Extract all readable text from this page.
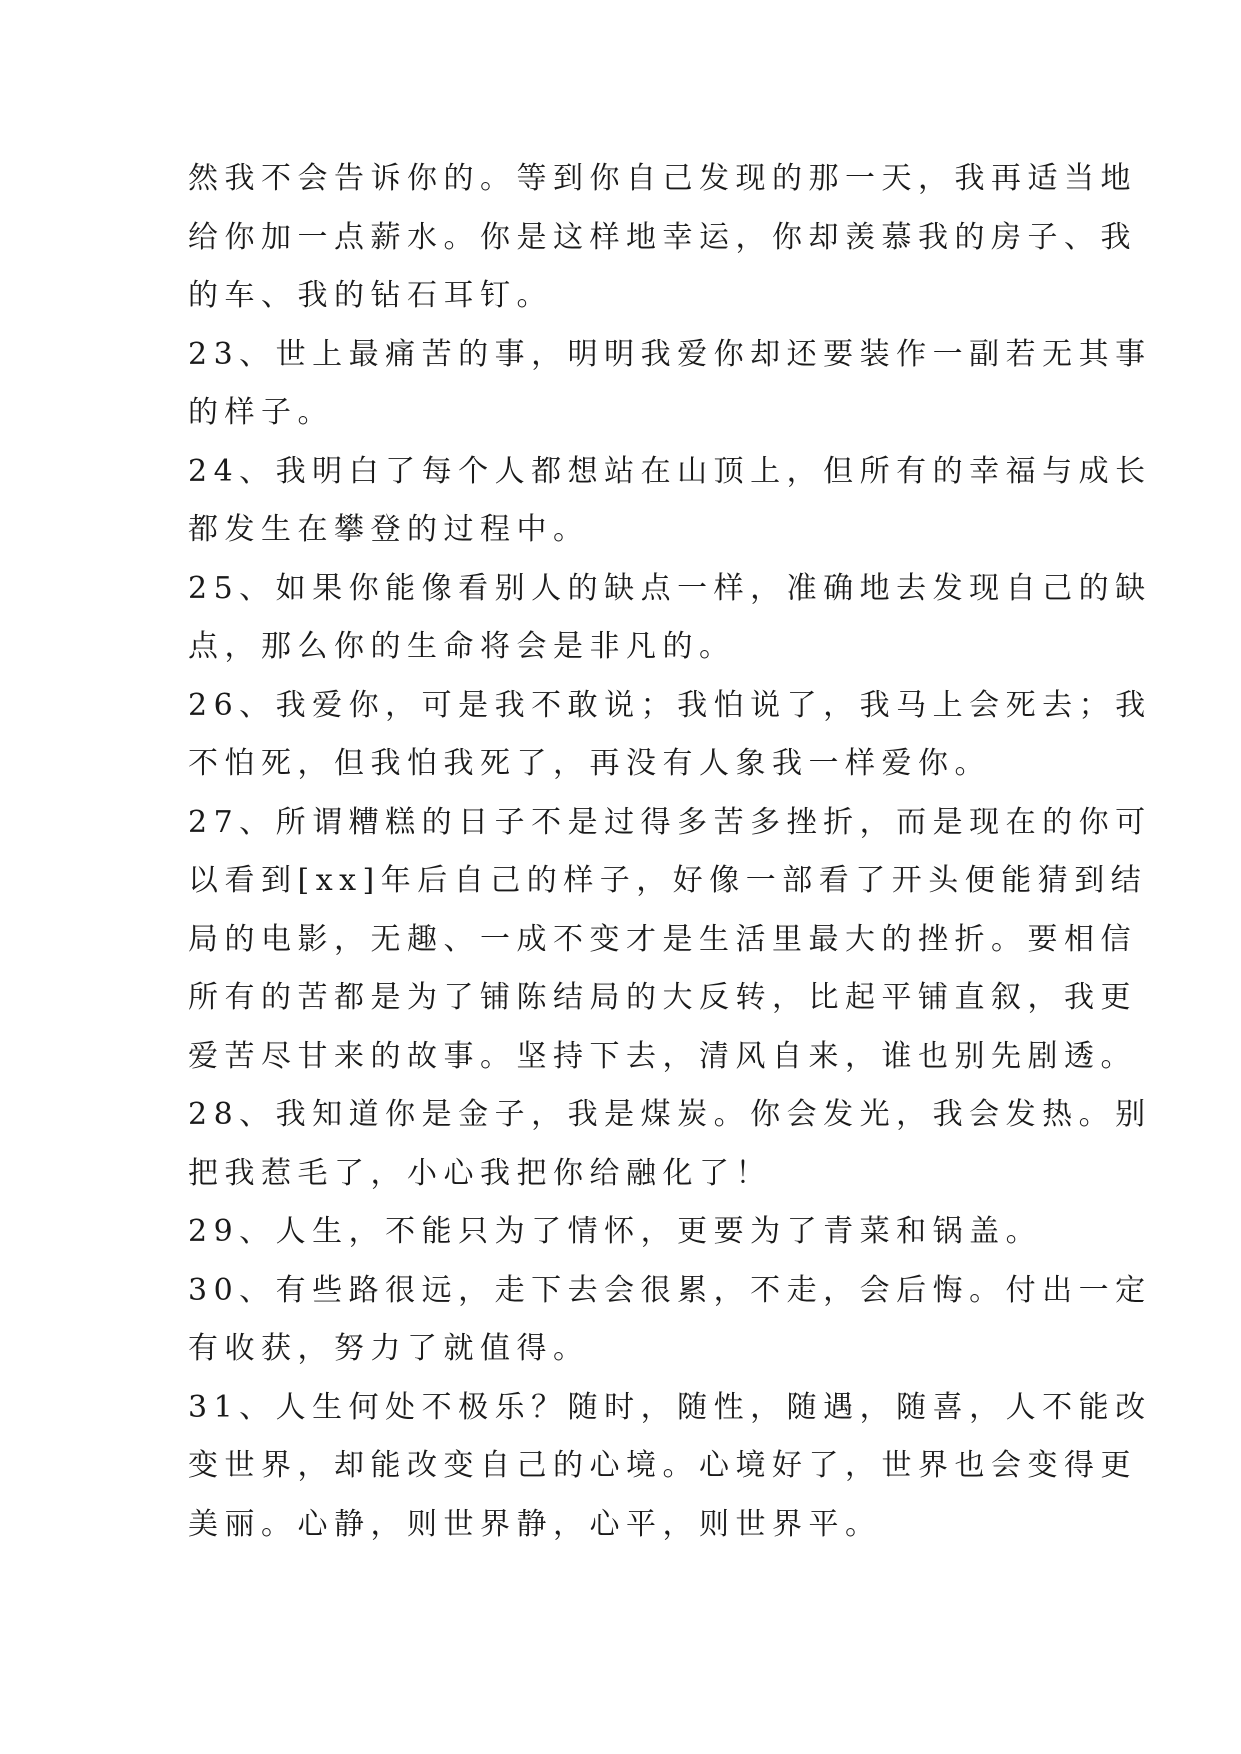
然我不会告诉你的。等到你自己发现的那一天，我再适当地
给你加一点薪水。你是这样地幸运，你却羡慕我的房子、我
的车、我的钻石耳钉。
23、世上最痛苦的事，明明我爱你却还要装作一副若无其事
的样子。
24、我明白了每个人都想站在山顶上，但所有的幸福与成长
都发生在攀登的过程中。
25、如果你能像看别人的缺点一样，准确地去发现自己的缺
点，那么你的生命将会是非凡的。
26、我爱你，可是我不敢说；我怕说了，我马上会死去；我
不怕死，但我怕我死了，再没有人象我一样爱你。
27、所谓糟糕的日子不是过得多苦多挫折，而是现在的你可
以看到[xx]年后自己的样子，好像一部看了开头便能猜到结
局的电影，无趣、一成不变才是生活里最大的挫折。要相信
所有的苦都是为了铺陈结局的大反转，比起平铺直叙，我更
爱苦尽甘来的故事。坚持下去，清风自来，谁也别先剧透。
28、我知道你是金子，我是煤炭。你会发光，我会发热。别
把我惹毛了，小心我把你给融化了！
29、人生，不能只为了情怀，更要为了青菜和锅盖。
30、有些路很远，走下去会很累，不走，会后悔。付出一定
有收获，努力了就值得。
31、人生何处不极乐？随时，随性，随遇，随喜，人不能改
变世界，却能改变自己的心境。心境好了，世界也会变得更
美丽。心静，则世界静，心平，则世界平。
